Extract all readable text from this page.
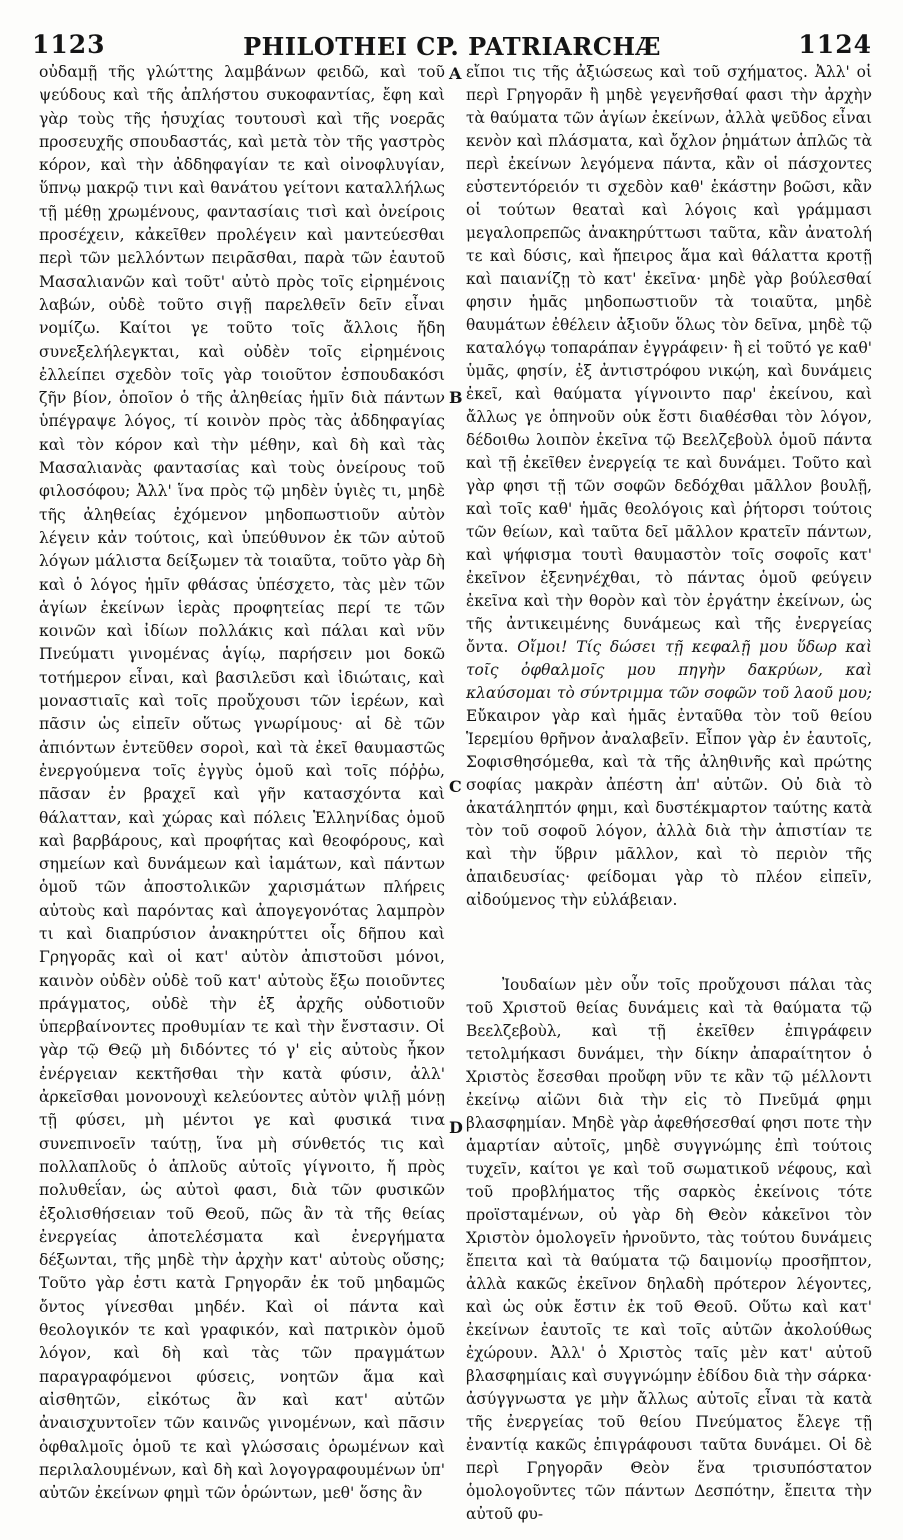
1123	PHILOTHEI CP. PATRIARCHÆ	1124

οὐδαμῇ τῆς γλώττης λαμβάνων φειδῶ, καὶ τοῦ ψεύδους καὶ τῆς ἀπλήστου συκοφαντίας, ἔφη καὶ γὰρ τοὺς τῆς ἡσυχίας τουτουσὶ καὶ τῆς νοερᾶς προσευχῆς σπουδαστάς, καὶ μετὰ τὸν τῆς γαστρὸς κόρον, καὶ τὴν ἀδδηφαγίαν τε καὶ οἰνοφλυγίαν, ὕπνῳ μακρῷ τινι καὶ θανάτου γείτονι καταλλήλως τῇ μέθῃ χρωμένους, φαντασίαις τισὶ καὶ ὀνείροις προσέχειν, κἀκεῖθεν προλέγειν καὶ μαντεύεσθαι περὶ τῶν μελλόντων πειρᾶσθαι, παρὰ τῶν ἑαυτοῦ Μασαλιανῶν καὶ τοῦτ' αὐτὸ πρὸς τοῖς εἰρημένοις λαβών, οὐδὲ τοῦτο σιγῇ παρελθεῖν δεῖν εἶναι νομίζω. Καίτοι γε τοῦτο τοῖς ἄλλοις ἤδη συνεξελήλεγκται, καὶ οὐδὲν τοῖς εἰρημένοις ἐλλείπει σχεδὸν τοῖς γὰρ τοιοῦτον ἐσπουδακόσι ζῆν βίον, ὁποῖον ὁ τῆς ἀληθείας ἡμῖν διὰ πάντων ὑπέγραψε λόγος, τί κοινὸν πρὸς τὰς ἀδδηφαγίας καὶ τὸν κόρον καὶ τὴν μέθην, καὶ δὴ καὶ τὰς Μασαλιανὰς φαντασίας καὶ τοὺς ὀνείρους τοῦ φιλοσόφου; Ἀλλ' ἵνα πρὸς τῷ μηδὲν ὑγιὲς τι, μηδὲ τῆς ἀληθείας ἐχόμενον μηδοπωστιοῦν αὐτὸν λέγειν κἀν τούτοις, καὶ ὑπεύθυνον ἐκ τῶν αὐτοῦ λόγων μάλιστα δείξωμεν τὰ τοιαῦτα, τοῦτο γὰρ δὴ καὶ ὁ λόγος ἡμῖν φθάσας ὑπέσχετο, τὰς μὲν τῶν ἁγίων ἐκείνων ἱερὰς προφητείας περί τε τῶν κοινῶν καὶ ἰδίων πολλάκις καὶ πάλαι καὶ νῦν Πνεύματι γινομένας ἁγίῳ, παρήσειν μοι δοκῶ τοτήμερον εἶναι, καὶ βασιλεῦσι καὶ ἰδιώταις, καὶ μοναστιαῖς καὶ τοῖς προὔχουσι τῶν ἱερέων, καὶ πᾶσιν ὡς εἰπεῖν οὕτως γνωρίμους· αἱ δὲ τῶν ἀπιόντων ἐντεῦθεν σοροὶ, καὶ τὰ ἐκεῖ θαυμαστῶς ἐνεργούμενα τοῖς ἐγγὺς ὁμοῦ καὶ τοῖς πόῤῥω, πᾶσαν ἐν βραχεῖ καὶ γῆν κατασχόντα καὶ θάλατταν, καὶ χώρας καὶ πόλεις Ἑλληνίδας ὁμοῦ καὶ βαρβάρους, καὶ προφήτας καὶ θεοφόρους, καὶ σημείων καὶ δυνάμεων καὶ ἰαμάτων, καὶ πάντων ὁμοῦ τῶν ἀποστολικῶν χαρισμάτων πλήρεις αὐτοὺς καὶ παρόντας καὶ ἀπογεγονότας λαμπρὸν τι καὶ διαπρύσιον ἀνακηρύττει οἷς δῆπου καὶ Γρηγορᾶς καὶ οἱ κατ' αὐτὸν ἀπιστοῦσι μόνοι, καινὸν οὐδὲν οὐδὲ τοῦ κατ' αὐτοὺς ἔξω ποιοῦντες πράγματος, οὐδὲ τὴν ἐξ ἀρχῆς οὐδοτιοῦν ὑπερβαίνοντες προθυμίαν τε καὶ τὴν ἔνστασιν. Οἱ γὰρ τῷ Θεῷ μὴ διδόντες τό γ' εἰς αὐτοὺς ἧκον ἐνέργειαν κεκτῆσθαι τὴν κατὰ φύσιν, ἀλλ' ἀρκεῖσθαι μονονουχὶ κελεύοντες αὐτὸν ψιλῇ μόνῃ τῇ φύσει, μὴ μέντοι γε καὶ φυσικά τινα συνεπινοεῖν ταύτῃ, ἵνα μὴ σύνθετός τις καὶ πολλαπλοῦς ὁ ἁπλοῦς αὐτοῖς γίγνοιτο, ἤ πρὸς πολυθεΐαν, ὡς αὐτοὶ φασι, διὰ τῶν φυσικῶν ἐξολισθήσειαν τοῦ Θεοῦ, πῶς ἂν τὰ τῆς θείας ἐνεργείας ἀποτελέσματα καὶ ἐνεργήματα δέξωνται, τῆς μηδὲ τὴν ἀρχὴν κατ' αὐτοὺς οὔσης; Τοῦτο γὰρ ἐστι κατὰ Γρηγορᾶν ἐκ τοῦ μηδαμῶς ὄντος γίνεσθαι μηδέν. Καὶ οἱ πάντα καὶ θεολογικόν τε καὶ γραφικόν, καὶ πατρικὸν ὁμοῦ λόγον, καὶ δὴ καὶ τὰς τῶν πραγμάτων παραγραφόμενοι φύσεις, νοητῶν ἅμα καὶ αἰσθητῶν, εἰκότως ἂν καὶ κατ' αὐτῶν ἀναισχυντοῖεν τῶν καινῶς γινομένων, καὶ πᾶσιν ὀφθαλμοῖς ὁμοῦ τε καὶ γλώσσαις ὁρωμένων καὶ περιλαλουμένων, καὶ δὴ καὶ λογογραφουμένων ὑπ' αὐτῶν ἐκείνων φημὶ τῶν ὁρώντων, μεθ' ὅσης ἂν

A
B
C
D

εἴποι τις τῆς ἀξιώσεως καὶ τοῦ σχήματος. Ἀλλ' οἱ περὶ Γρηγορᾶν ἢ μηδὲ γεγενῆσθαί φασι τὴν ἀρχὴν τὰ θαύματα τῶν ἁγίων ἐκείνων, ἀλλὰ ψεῦδος εἶναι κενὸν καὶ πλάσματα, καὶ ὄχλον ῥημάτων ἁπλῶς τὰ περὶ ἐκείνων λεγόμενα πάντα, κἂν οἱ πάσχοντες εὐστεντόρειόν τι σχεδὸν καθ' ἑκάστην βοῶσι, κἂν οἱ τούτων θεαταὶ καὶ λόγοις καὶ γράμμασι μεγαλοπρεπῶς ἀνακηρύττωσι ταῦτα, κἂν ἀνατολή τε καὶ δύσις, καὶ ἤπειρος ἅμα καὶ θάλαττα κροτῇ καὶ παιανίζῃ τὸ κατ' ἐκεῖνα· μηδὲ γὰρ βούλεσθαί φησιν ἡμᾶς μηδοπωστιοῦν τὰ τοιαῦτα, μηδὲ θαυμάτων ἐθέλειν ἀξιοῦν ὅλως τὸν δεῖνα, μηδὲ τῷ καταλόγῳ τοπαράπαν ἐγγράφειν· ἢ εἰ τοῦτό γε καθ' ὑμᾶς, φησίν, ἐξ ἀντιστρόφου νικῴη, καὶ δυνάμεις ἐκεῖ, καὶ θαύματα γίγνοιντο παρ' ἐκείνου, καὶ ἄλλως γε ὁπηνοῦν οὐκ ἔστι διαθέσθαι τὸν λόγον, δέδοιθω λοιπὸν ἐκεῖνα τῷ Βεελζεβοὺλ ὁμοῦ πάντα καὶ τῇ ἐκεῖθεν ἐνεργείᾳ τε καὶ δυνάμει. Τοῦτο καὶ γὰρ φησι τῇ τῶν σοφῶν δεδόχθαι μᾶλλον βουλῇ, καὶ τοῖς καθ' ἡμᾶς θεολόγοις καὶ ῥήτορσι τούτοις τῶν θείων, καὶ ταῦτα δεῖ μᾶλλον κρατεῖν πάντων, καὶ ψήφισμα τουτὶ θαυμαστὸν τοῖς σοφοῖς κατ' ἐκεῖνον ἐξενηνέχθαι, τὸ πάντας ὁμοῦ φεύγειν ἐκεῖνα καὶ τὴν θορὸν καὶ τὸν ἐργάτην ἐκείνων, ὡς τῆς ἀντικειμένης δυνάμεως καὶ τῆς ἐνεργείας ὄντα. Οἴμοι! Τίς δώσει τῇ κεφαλῇ μου ὕδωρ καὶ τοῖς ὀφθαλμοῖς μου πηγὴν δακρύων, καὶ κλαύσομαι τὸ σύντριμμα τῶν σοφῶν τοῦ λαοῦ μου; Εὔκαιρον γὰρ καὶ ἡμᾶς ἐνταῦθα τὸν τοῦ θείου Ἱερεμίου θρῆνον ἀναλαβεῖν. Εἶπον γὰρ ἐν ἑαυτοῖς, Σοφισθησόμεθα, καὶ τὰ τῆς ἀληθινῆς καὶ πρώτης σοφίας μακρὰν ἀπέστη ἀπ' αὐτῶν. Οὐ διὰ τὸ ἀκατάληπτόν φημι, καὶ δυστέκμαρτον ταύτης κατὰ τὸν τοῦ σοφοῦ λόγον, ἀλλὰ διὰ τὴν ἀπιστίαν τε καὶ τὴν ὕβριν μᾶλλον, καὶ τὸ περιὸν τῆς ἀπαιδευσίας· φείδομαι γὰρ τὸ πλέον εἰπεῖν, αἰδούμενος τὴν εὐλάβειαν.

Ἰουδαίων μὲν οὖν τοῖς προὔχουσι πάλαι τὰς τοῦ Χριστοῦ θείας δυνάμεις καὶ τὰ θαύματα τῷ Βεελζεβοὺλ, καὶ τῇ ἐκεῖθεν ἐπιγράφειν τετολμήκασι δυνάμει, τὴν δίκην ἀπαραίτητον ὁ Χριστὸς ἔσεσθαι προὔφη νῦν τε κἂν τῷ μέλλοντι ἐκείνῳ αἰῶνι διὰ τὴν εἰς τὸ Πνεῦμά φημι βλασφημίαν. Μηδὲ γὰρ ἀφεθήσεσθαί φησι ποτε τὴν ἁμαρτίαν αὐτοῖς, μηδὲ συγγνώμης ἐπὶ τούτοις τυχεῖν, καίτοι γε καὶ τοῦ σωματικοῦ νέφους, καὶ τοῦ προβλήματος τῆς σαρκὸς ἐκείνοις τότε προϊσταμένων, οὐ γὰρ δὴ Θεὸν κἀκεῖνοι τὸν Χριστὸν ὁμολογεῖν ἠρνοῦντο, τὰς τούτου δυνάμεις ἔπειτα καὶ τὰ θαύματα τῷ δαιμονίῳ προσῆπτον, ἀλλὰ κακῶς ἐκεῖνον δηλαδὴ πρότερον λέγοντες, καὶ ὡς οὐκ ἔστιν ἐκ τοῦ Θεοῦ. Οὕτω καὶ κατ' ἐκείνων ἑαυτοῖς τε καὶ τοῖς αὐτῶν ἀκολούθως ἐχώρουν. Ἀλλ' ὁ Χριστὸς ταῖς μὲν κατ' αὐτοῦ βλασφημίαις καὶ συγγνώμην ἐδίδου διὰ τὴν σάρκα· ἀσύγγνωστα γε μὴν ἄλλως αὐτοῖς εἶναι τὰ κατὰ τῆς ἐνεργείας τοῦ θείου Πνεύματος ἔλεγε τῇ ἐναντίᾳ κακῶς ἐπιγράφουσι ταῦτα δυνάμει. Οἱ δὲ περὶ Γρηγορᾶν Θεὸν ἕνα τρισυπόστατον ὁμολογοῦντες τῶν πάντων Δεσπότην, ἔπειτα τὴν αὐτοῦ φυ-
